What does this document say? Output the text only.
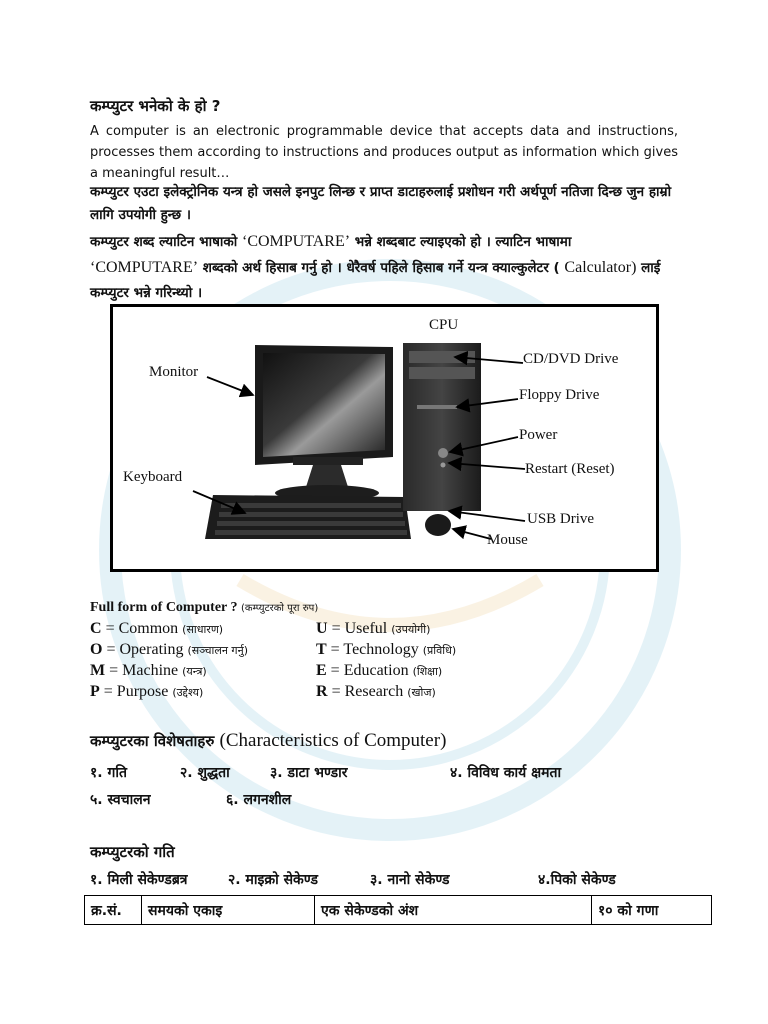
कम्प्युटर भनेको के हो ?
A computer is an electronic programmable device that accepts data and instructions, processes them according to instructions and produces output as information which gives a meaningful result…
कम्प्युटर एउटा इलेक्ट्रोनिक यन्त्र हो जसले इनपुट लिन्छ र प्राप्त डाटाहरुलाई प्रशोधन गरी अर्थपूर्ण नतिजा दिन्छ जुन हाम्रो लागि उपयोगी हुन्छ ।
कम्प्युटर शब्द ल्याटिन भाषाको ‘COMPUTARE’ भन्ने शब्दबाट ल्याइएको हो । ल्याटिन भाषामा ‘COMPUTARE’ शब्दको अर्थ हिसाब गर्नु हो । धेरैवर्ष पहिले हिसाब गर्ने यन्त्र क्याल्कुलेटर ( Calculator) लाई कम्प्युटर भन्ने गरिन्थ्यो ।
CPU
Monitor
CD/DVD Drive
Floppy Drive
Power
Restart (Reset)
Keyboard
USB Drive
Mouse
Full form of Computer ? (कम्प्युटरको पूरा रुप)
C = Common (साधारण)
O = Operating (सञ्चालन गर्नु)
M = Machine (यन्त्र)
P = Purpose (उद्देश्य)
U = Useful (उपयोगी)
T = Technology (प्रविधि)
E = Education (शिक्षा)
R = Research (खोज)
कम्प्युटरका विशेषताहरु (Characteristics of Computer)
१. गति	२. शुद्धता	३. डाटा भण्डार	४. विविध कार्य क्षमता
५. स्वचालन	६. लगनशील
कम्प्युटरको गति
१. मिली सेकेण्डब्रत्र	२. माइक्रो सेकेण्ड	३. नानो सेकेण्ड	४.पिको सेकेण्ड
क्र.सं.	समयको एकाइ	एक सेकेण्डको अंश	१० को गणा
